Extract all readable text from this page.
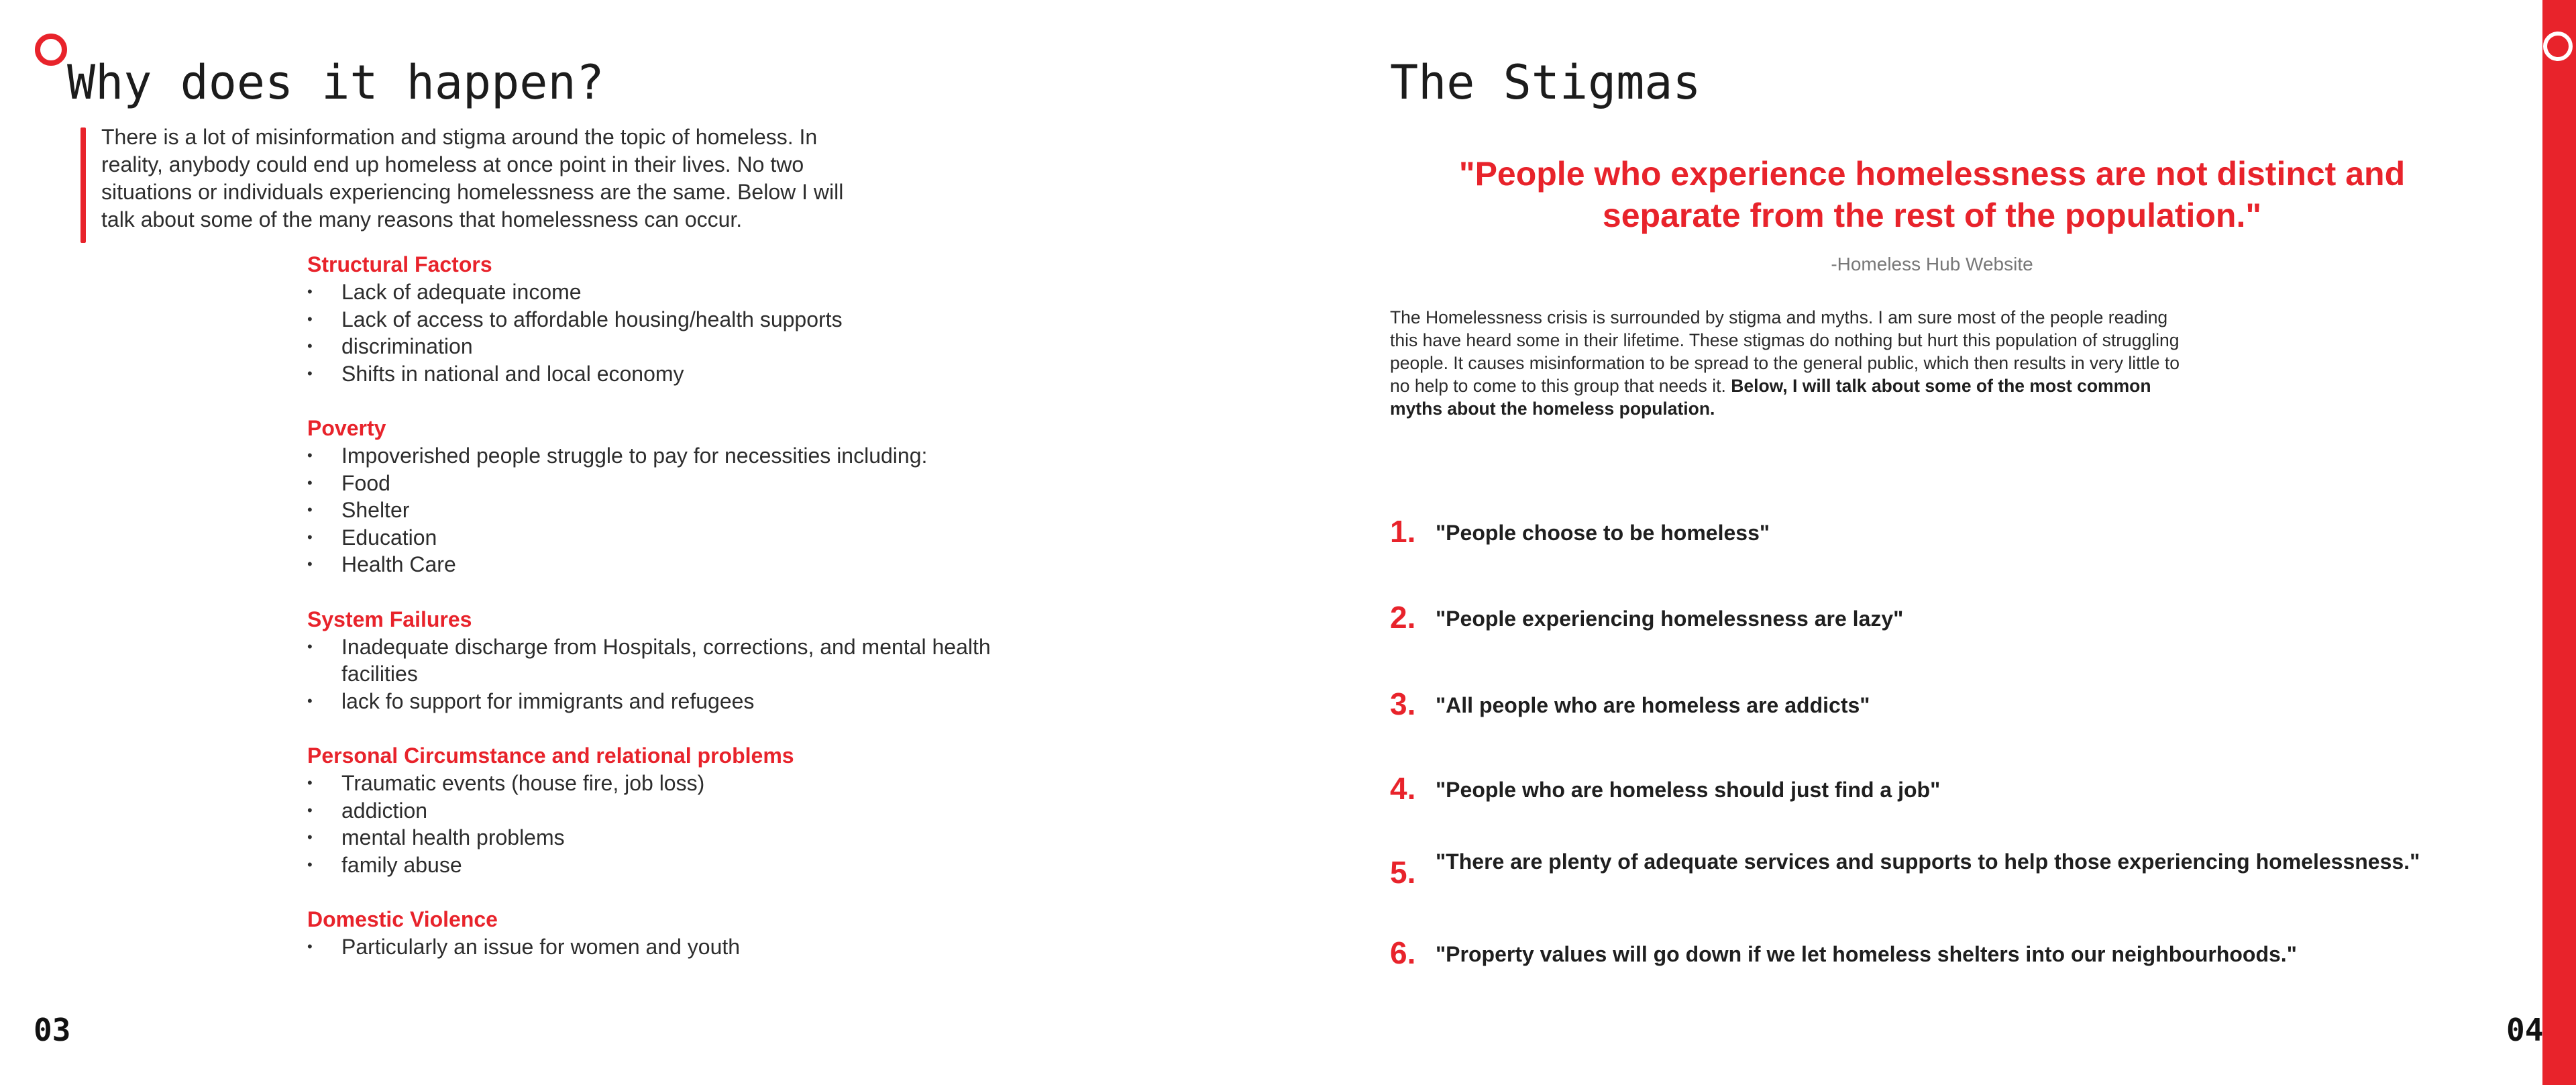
Why does it happen?

There is a lot of misinformation and stigma around the topic of homeless. In reality, anybody could end up homeless at once point in their lives. No two situations or individuals experiencing homelessness are the same. Below I will talk about some of the many reasons that homelessness can occur.

Structural Factors

• Lack of adequate income
• Lack of access to affordable housing/health supports
• discrimination
• Shifts in national and local economy

Poverty

• Impoverished people struggle to pay for necessities including:
• Food
• Shelter
• Education
• Health Care

System Failures

• Inadequate discharge from Hospitals, corrections, and mental health facilities
• lack fo support for immigrants and refugees

Personal Circumstance and relational problems

• Traumatic events (house fire, job loss)
• addiction
• mental health problems
• family abuse

Domestic Violence

• Particularly an issue for women and youth

03

The Stigmas

"People who experience homelessness are not distinct and separate from the rest of the population."

-Homeless Hub Website

The Homelessness crisis is surrounded by stigma and myths. I am sure most of the people reading this have heard some in their lifetime. These stigmas do nothing but hurt this population of struggling people. It causes misinformation to be spread to the general public, which then results in very little to no help to come to this group that needs it. Below, I will talk about some of the most common myths about the homeless population.

1. "People choose to be homeless"
2. "People experiencing homelessness are lazy"
3. "All people who are homeless are addicts"
4. "People who are homeless should just find a job"
5. "There are plenty of adequate services and supports to help those experiencing homelessness."
6. "Property values will go down if we let homeless shelters into our neighbourhoods."

04
